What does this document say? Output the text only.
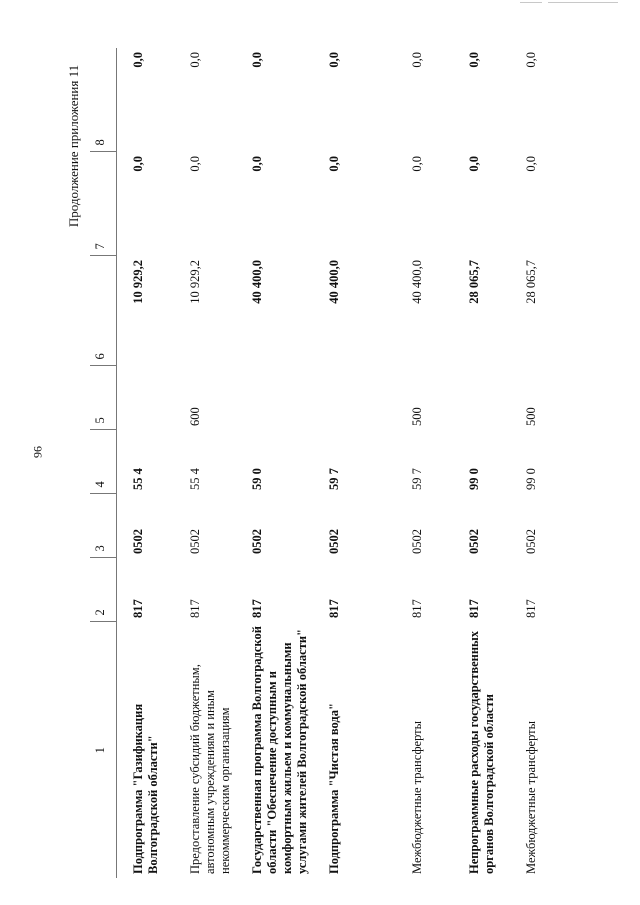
96
Продолжение приложения 11
1	2	3	4	5	6	7	8
Подпрограмма "Газификация Волгоградской области"	817	0502	55 4		10 929,2	0,0	0,0
Предоставление субсидий бюджетным, автономным учреждениям и иным некоммерческим организациям	817	0502	55 4	600	10 929,2	0,0	0,0
Государственная программа Волгоградской области "Обеспечение доступным и комфортным жильем и коммунальными услугами жителей Волгоградской области"	817	0502	59 0		40 400,0	0,0	0,0
Подпрограмма "Чистая вода"	817	0502	59 7		40 400,0	0,0	0,0
Межбюджетные трансферты	817	0502	59 7	500	40 400,0	0,0	0,0
Непрограммные расходы государственных органов Волгоградской области	817	0502	99 0		28 065,7	0,0	0,0
Межбюджетные трансферты	817	0502	99 0	500	28 065,7	0,0	0,0
